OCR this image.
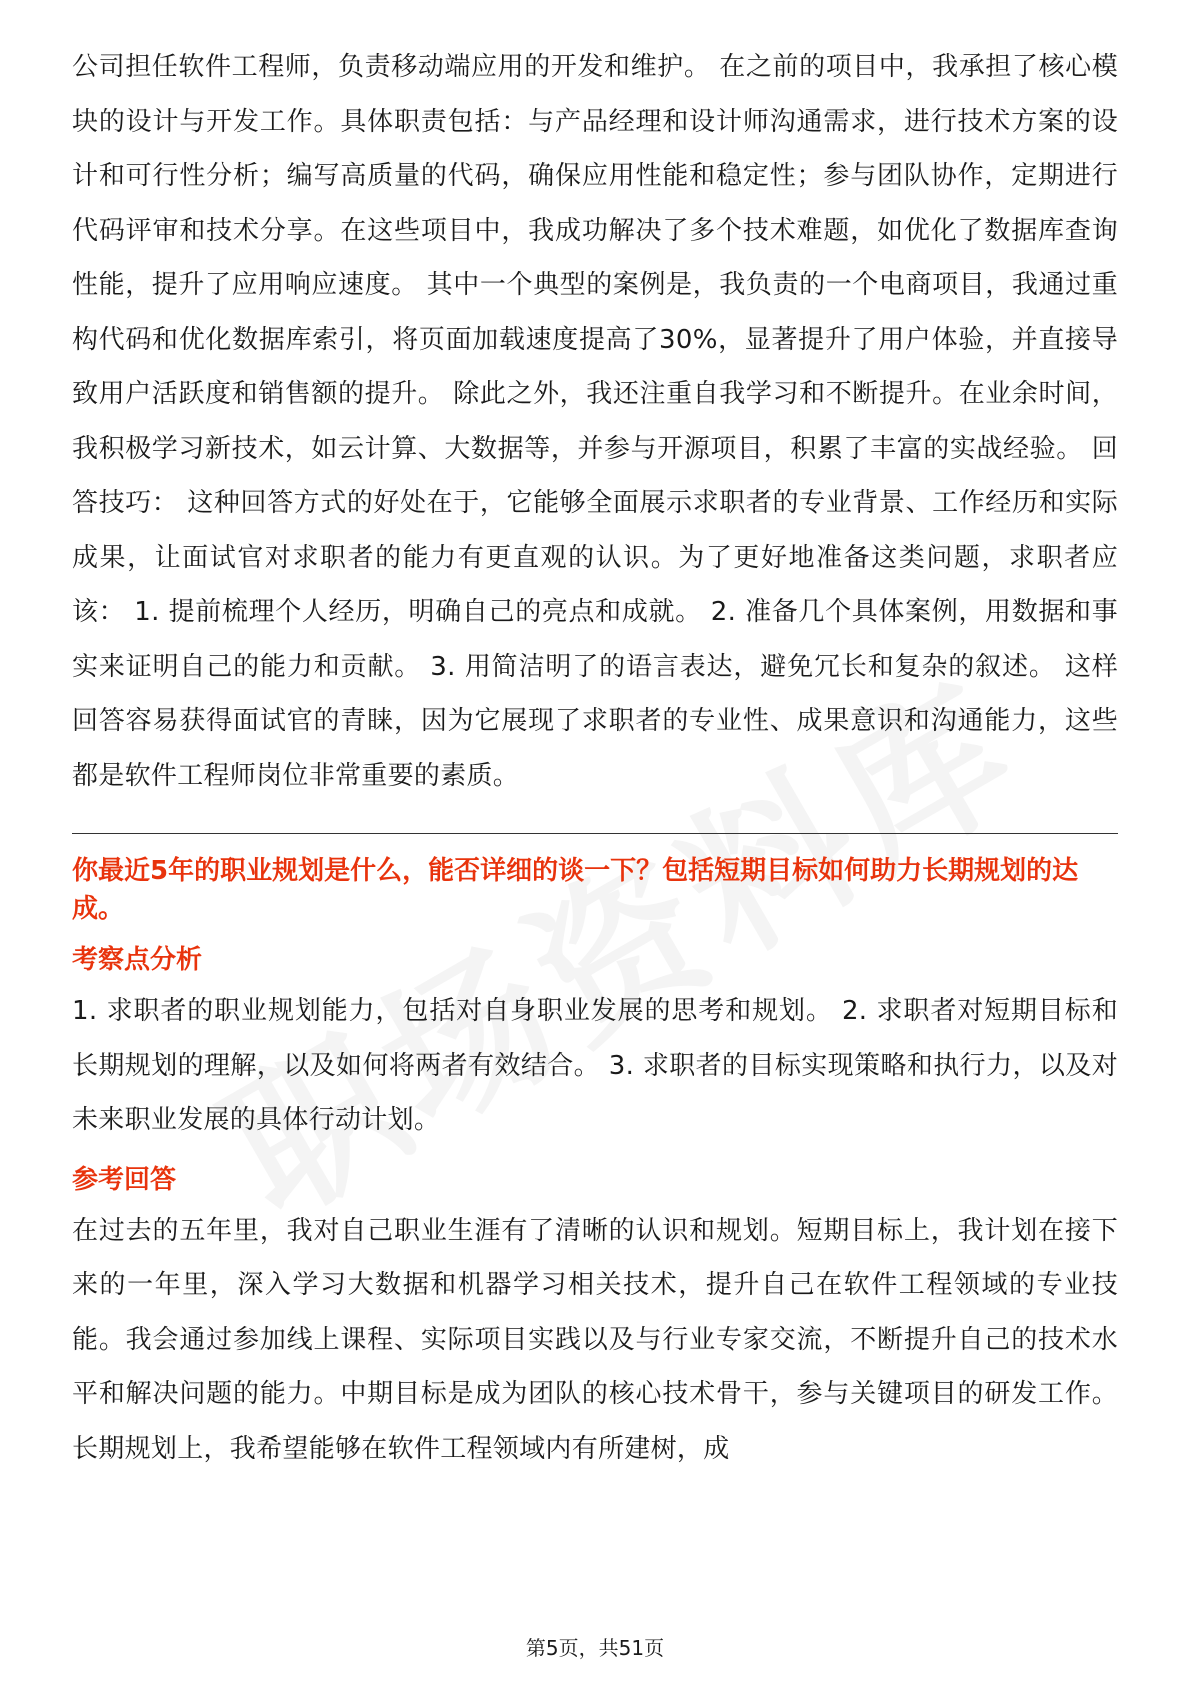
公司担任软件工程师，负责移动端应用的开发和维护。 在之前的项目中，我承担了核心模块的设计与开发工作。具体职责包括：与产品经理和设计师沟通需求，进行技术方案的设计和可行性分析；编写高质量的代码，确保应用性能和稳定性；参与团队协作，定期进行代码评审和技术分享。在这些项目中，我成功解决了多个技术难题，如优化了数据库查询性能，提升了应用响应速度。 其中一个典型的案例是，我负责的一个电商项目，我通过重构代码和优化数据库索引，将页面加载速度提高了30%，显著提升了用户体验，并直接导致用户活跃度和销售额的提升。 除此之外，我还注重自我学习和不断提升。在业余时间，我积极学习新技术，如云计算、大数据等，并参与开源项目，积累了丰富的实战经验。 回答技巧： 这种回答方式的好处在于，它能够全面展示求职者的专业背景、工作经历和实际成果，让面试官对求职者的能力有更直观的认识。为了更好地准备这类问题，求职者应该： 1. 提前梳理个人经历，明确自己的亮点和成就。 2. 准备几个具体案例，用数据和事实来证明自己的能力和贡献。 3. 用简洁明了的语言表达，避免冗长和复杂的叙述。 这样回答容易获得面试官的青睐，因为它展现了求职者的专业性、成果意识和沟通能力，这些都是软件工程师岗位非常重要的素质。

你最近5年的职业规划是什么，能否详细的谈一下？包括短期目标如何助力长期规划的达成。

考察点分析

1. 求职者的职业规划能力，包括对自身职业发展的思考和规划。 2. 求职者对短期目标和长期规划的理解，以及如何将两者有效结合。 3. 求职者的目标实现策略和执行力，以及对未来职业发展的具体行动计划。

参考回答

在过去的五年里，我对自己职业生涯有了清晰的认识和规划。短期目标上，我计划在接下来的一年里，深入学习大数据和机器学习相关技术，提升自己在软件工程领域的专业技能。我会通过参加线上课程、实际项目实践以及与行业专家交流，不断提升自己的技术水平和解决问题的能力。中期目标是成为团队的核心技术骨干，参与关键项目的研发工作。 长期规划上，我希望能够在软件工程领域内有所建树，成

第5页，共51页
